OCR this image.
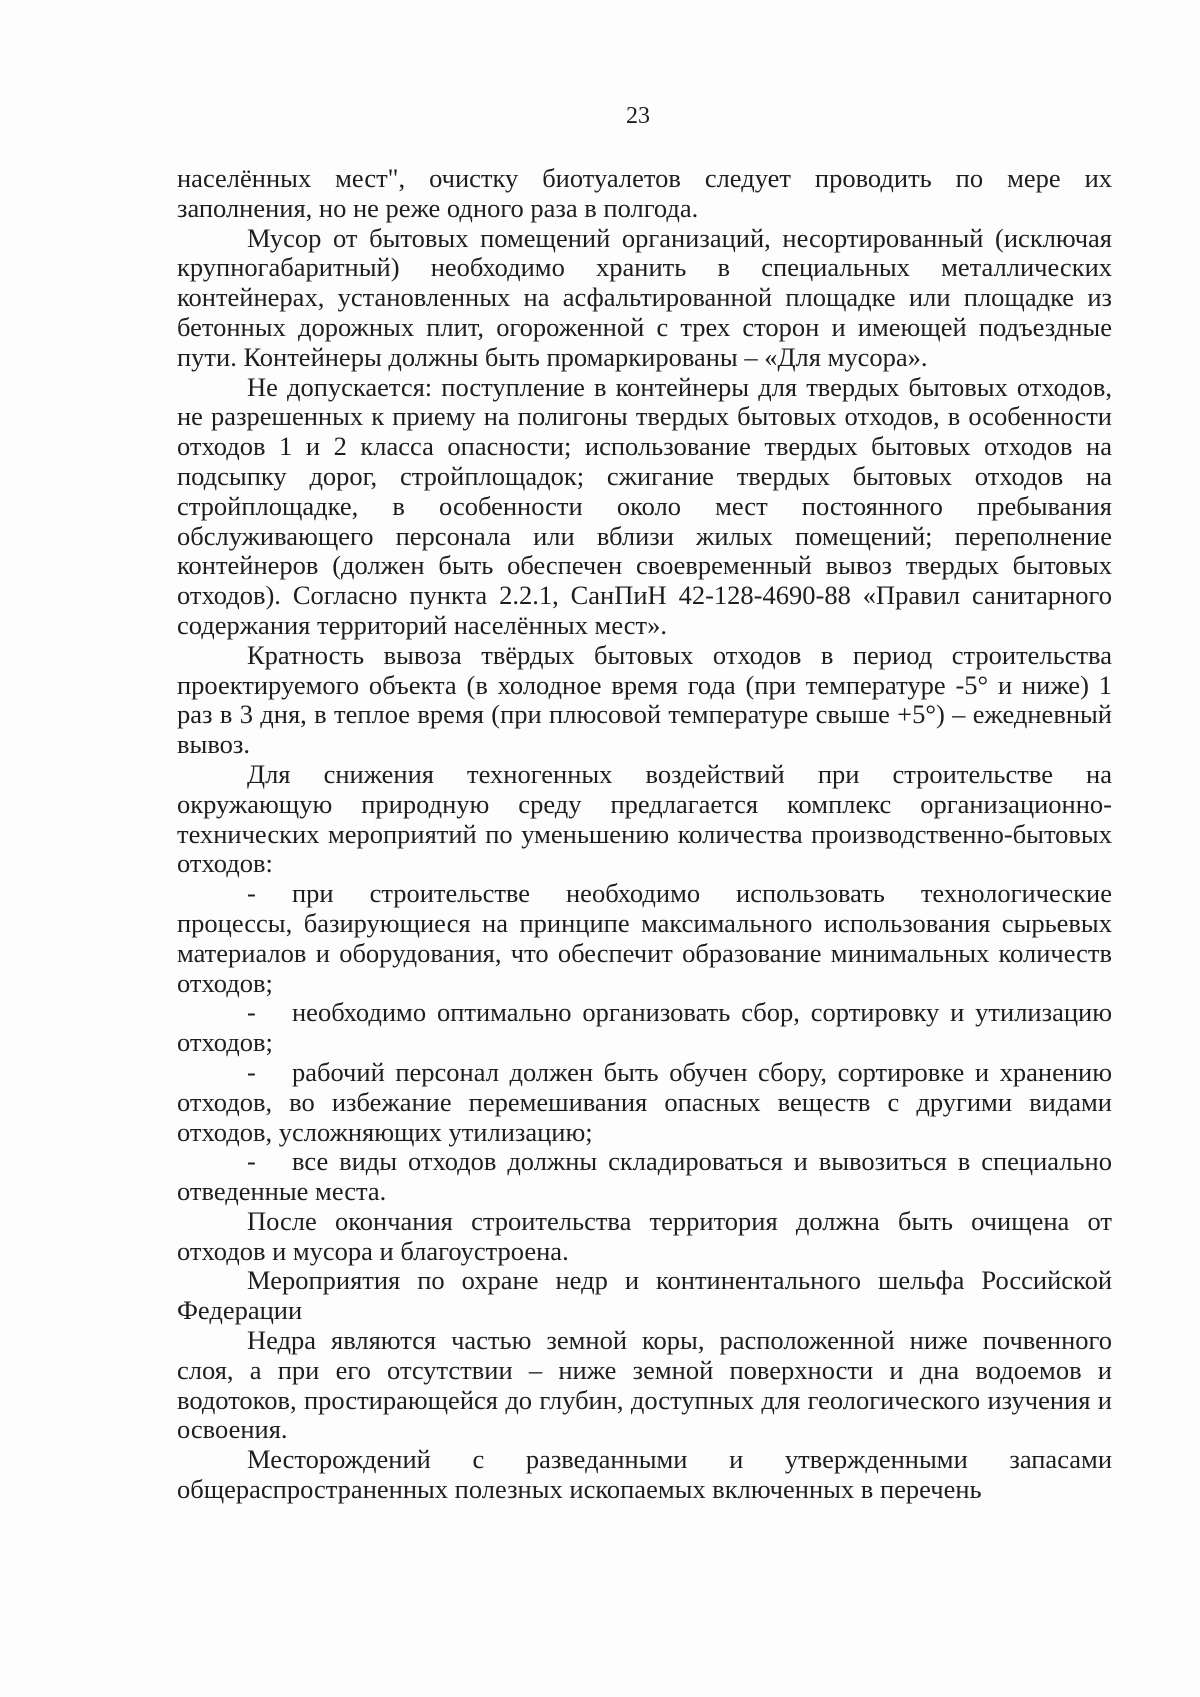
23

населённых мест", очистку биотуалетов следует проводить по мере их заполнения, но не реже одного раза в полгода.

Мусор от бытовых помещений организаций, несортированный (исключая крупногабаритный) необходимо хранить в специальных металлических контейнерах, установленных на асфальтированной площадке или площадке из бетонных дорожных плит, огороженной с трех сторон и имеющей подъездные пути. Контейнеры должны быть промаркированы – «Для мусора».

Не допускается: поступление в контейнеры для твердых бытовых отходов, не разрешенных к приему на полигоны твердых бытовых отходов, в особенности отходов 1 и 2 класса опасности; использование твердых бытовых отходов на подсыпку дорог, стройплощадок; сжигание твердых бытовых отходов на стройплощадке, в особенности около мест постоянного пребывания обслуживающего персонала или вблизи жилых помещений; переполнение контейнеров (должен быть обеспечен своевременный вывоз твердых бытовых отходов). Согласно пункта 2.2.1, СанПиН 42-128-4690-88 «Правил санитарного содержания территорий населённых мест».

Кратность вывоза твёрдых бытовых отходов в период строительства проектируемого объекта (в холодное время года (при температуре -5° и ниже) 1 раз в 3 дня, в теплое время (при плюсовой температуре свыше +5°) – ежедневный вывоз.

Для снижения техногенных воздействий при строительстве на окружающую природную среду предлагается комплекс организационно-технических мероприятий по уменьшению количества производственно-бытовых отходов:

- при строительстве необходимо использовать технологические процессы, базирующиеся на принципе максимального использования сырьевых материалов и оборудования, что обеспечит образование минимальных количеств отходов;

- необходимо оптимально организовать сбор, сортировку и утилизацию отходов;

- рабочий персонал должен быть обучен сбору, сортировке и хранению отходов, во избежание перемешивания опасных веществ с другими видами отходов, усложняющих утилизацию;

- все виды отходов должны складироваться и вывозиться в специально отведенные места.

После окончания строительства территория должна быть очищена от отходов и мусора и благоустроена.

Мероприятия по охране недр и континентального шельфа Российской Федерации

Недра являются частью земной коры, расположенной ниже почвенного слоя, а при его отсутствии – ниже земной поверхности и дна водоемов и водотоков, простирающейся до глубин, доступных для геологического изучения и освоения.

Месторождений с разведанными и утвержденными запасами общераспространенных полезных ископаемых включенных в перечень
